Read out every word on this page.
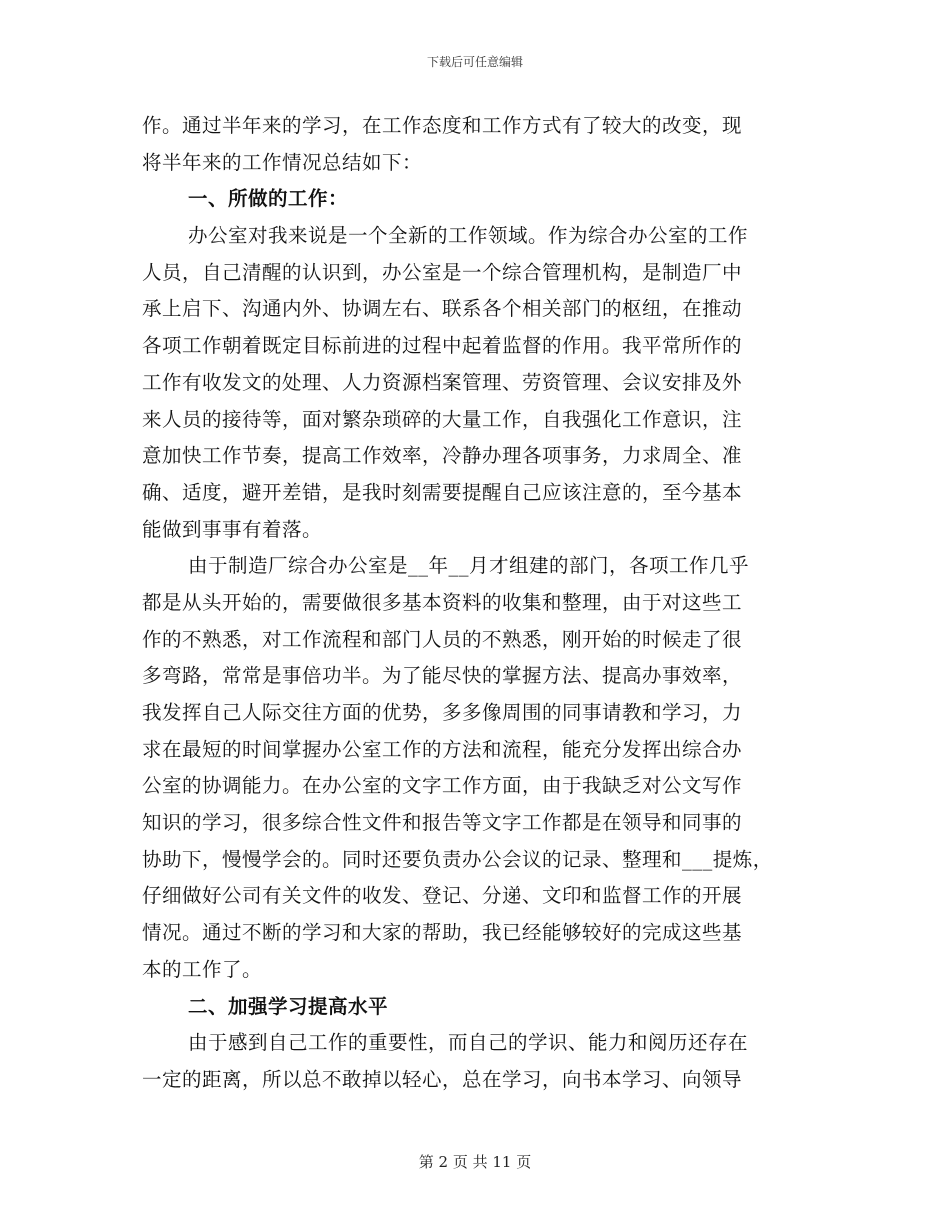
下载后可任意编辑
作。通过半年来的学习，在工作态度和工作方式有了较大的改变，现
将半年来的工作情况总结如下：
一、所做的工作：
办公室对我来说是一个全新的工作领域。作为综合办公室的工作
人员，自己清醒的认识到，办公室是一个综合管理机构，是制造厂中
承上启下、沟通内外、协调左右、联系各个相关部门的枢纽，在推动
各项工作朝着既定目标前进的过程中起着监督的作用。我平常所作的
工作有收发文的处理、人力资源档案管理、劳资管理、会议安排及外
来人员的接待等，面对繁杂琐碎的大量工作，自我强化工作意识，注
意加快工作节奏，提高工作效率，冷静办理各项事务，力求周全、准
确、适度，避开差错，是我时刻需要提醒自己应该注意的，至今基本
能做到事事有着落。
由于制造厂综合办公室是__年__月才组建的部门，各项工作几乎
都是从头开始的，需要做很多基本资料的收集和整理，由于对这些工
作的不熟悉，对工作流程和部门人员的不熟悉，刚开始的时候走了很
多弯路，常常是事倍功半。为了能尽快的掌握方法、提高办事效率，
我发挥自己人际交往方面的优势，多多像周围的同事请教和学习，力
求在最短的时间掌握办公室工作的方法和流程，能充分发挥出综合办
公室的协调能力。在办公室的文字工作方面，由于我缺乏对公文写作
知识的学习，很多综合性文件和报告等文字工作都是在领导和同事的
协助下，慢慢学会的。同时还要负责办公会议的记录、整理和___提炼，
仔细做好公司有关文件的收发、登记、分递、文印和监督工作的开展
情况。通过不断的学习和大家的帮助，我已经能够较好的完成这些基
本的工作了。
二、加强学习提高水平
由于感到自己工作的重要性，而自己的学识、能力和阅历还存在
一定的距离，所以总不敢掉以轻心，总在学习，向书本学习、向领导
第 2 页 共 11 页
